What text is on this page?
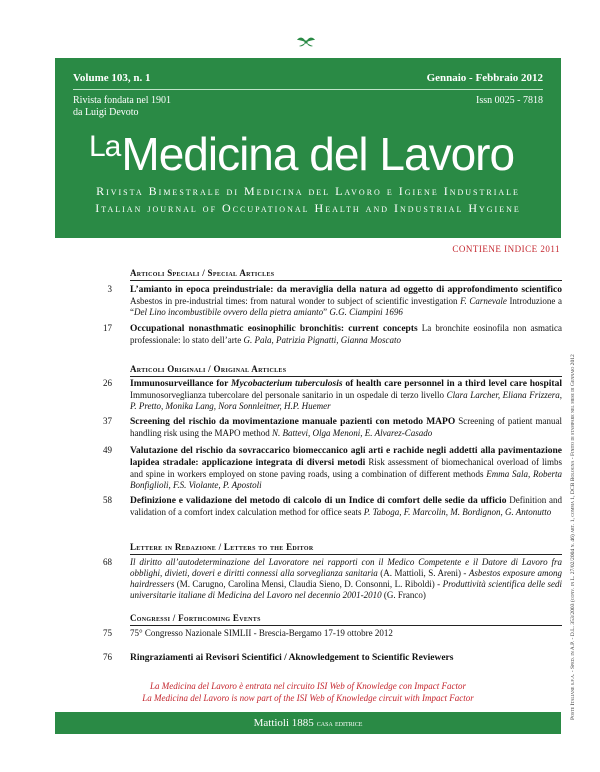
Volume 103, n. 1	Gennaio - Febbraio 2012
Rivista fondata nel 1901
da Luigi Devoto
Issn 0025 - 7818
$^{La}$Medicina del Lavoro
Rivista Bimestrale di Medicina del Lavoro e Igiene Industriale
Italian journal of Occupational Health and Industrial Hygiene
CONTIENE INDICE 2011
Articoli Speciali / Special Articles
3 L’amianto in epoca preindustriale: da meraviglia della natura ad oggetto di approfondimento scientifico Asbestos in pre-industrial times: from natural wonder to subject of scientific investigation F. Carnevale Introduzione a “Del Lino incombustibile ovvero della pietra amianto” G.G. Ciampini 1696
17 Occupational nonasthmatic eosinophilic bronchitis: current concepts La bronchite eosinofila non asmatica professionale: lo stato dell’arte G. Pala, Patrizia Pignatti, Gianna Moscato
Articoli Originali / Original Articles
26 Immunosurveillance for Mycobacterium tuberculosis of health care personnel in a third level care hospital Immunosorveglianza tubercolare del personale sanitario in un ospedale di terzo livello Clara Larcher, Eliana Frizzera, P. Pretto, Monika Lang, Nora Sonnleitner, H.P. Huemer
37 Screening del rischio da movimentazione manuale pazienti con metodo MAPO Screening of patient manual handling risk using the MAPO method N. Battevi, Olga Menoni, E. Alvarez-Casado
49 Valutazione del rischio da sovraccarico biomeccanico agli arti e rachide negli addetti alla pavimentazione lapidea stradale: applicazione integrata di diversi metodi Risk assessment of biomechanical overload of limbs and spine in workers employed on stone paving roads, using a combination of different methods Emma Sala, Roberta Bonfiglioli, F.S. Violante, P. Apostoli
58 Definizione e validazione del metodo di calcolo di un Indice di comfort delle sedie da ufficio Definition and validation of a comfort index calculation method for office seats P. Taboga, F. Marcolin, M. Bordignon, G. Antonutto
Lettere in Redazione / Letters to the Editor
68 Il diritto all’autodeterminazione del Lavoratore nei rapporti con il Medico Competente e il Datore di Lavoro fra obblighi, divieti, doveri e diritti connessi alla sorveglianza sanitaria (A. Mattioli, S. Areni) - Asbestos exposure among hairdressers (M. Carugno, Carolina Mensi, Claudia Sieno, D. Consonni, L. Riboldi) - Produttività scientifica delle sedi universitarie italiane di Medicina del Lavoro nel decennio 2001-2010 (G. Franco)
Congressi / Forthcoming Events
75 75° Congresso Nazionale SIMLII - Brescia-Bergamo 17-19 ottobre 2012
76 Ringraziamenti ai Revisori Scientifici / Aknowledgement to Scientific Reviewers
La Medicina del Lavoro è entrata nel circuito ISI Web of Knowledge con Impact Factor
La Medicina del Lavoro is now part of the ISI Web of Knowledge circuit with Impact Factor
Mattioli 1885 casa editrice
Poste Italiane s.p.a. - Sped. in A.P. - D.L. 353/2003 (conv. in L. 27/02/2004 n. 46) art. 1, comma 1, DCB Bologna - Finito di stampare nel mese di Gennaio 2012
